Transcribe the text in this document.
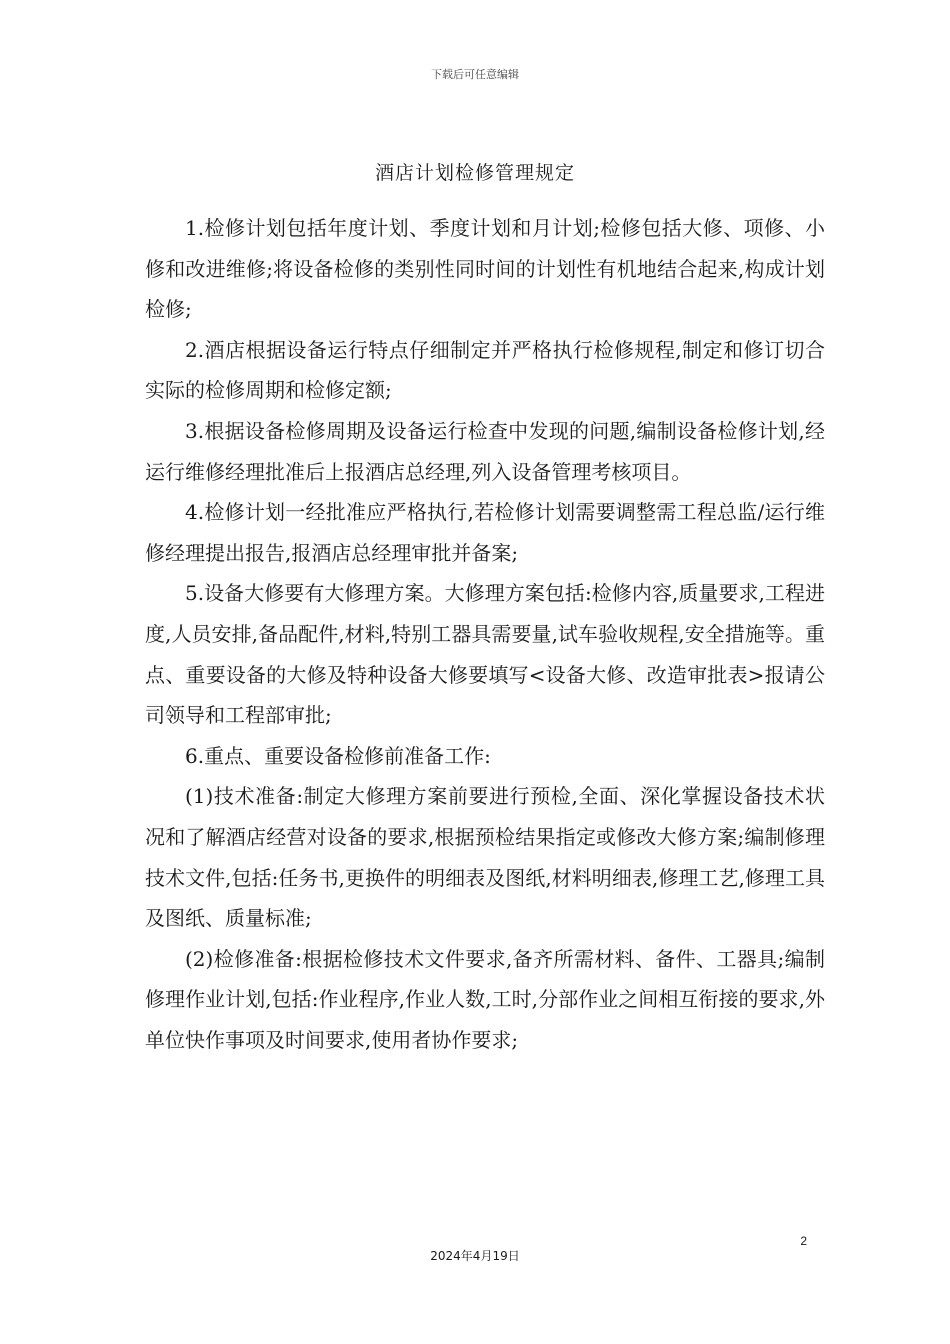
下载后可任意编辑
酒店计划检修管理规定

1.检修计划包括年度计划、季度计划和月计划;检修包括大修、项修、小修和改进维修;将设备检修的类别性同时间的计划性有机地结合起来,构成计划检修;

2.酒店根据设备运行特点仔细制定并严格执行检修规程,制定和修订切合实际的检修周期和检修定额;

3.根据设备检修周期及设备运行检查中发现的问题,编制设备检修计划,经运行维修经理批准后上报酒店总经理,列入设备管理考核项目。

4.检修计划一经批准应严格执行,若检修计划需要调整需工程总监/运行维修经理提出报告,报酒店总经理审批并备案;

5.设备大修要有大修理方案。大修理方案包括:检修内容,质量要求,工程进度,人员安排,备品配件,材料,特别工器具需要量,试车验收规程,安全措施等。重点、重要设备的大修及特种设备大修要填写<设备大修、改造审批表>报请公司领导和工程部审批;

6.重点、重要设备检修前准备工作:

(1)技术准备:制定大修理方案前要进行预检,全面、深化掌握设备技术状况和了解酒店经营对设备的要求,根据预检结果指定或修改大修方案;编制修理技术文件,包括:任务书,更换件的明细表及图纸,材料明细表,修理工艺,修理工具及图纸、质量标准;

(2)检修准备:根据检修技术文件要求,备齐所需材料、备件、工器具;编制修理作业计划,包括:作业程序,作业人数,工时,分部作业之间相互衔接的要求,外单位快作事项及时间要求,使用者协作要求;

2
2024年4月19日
